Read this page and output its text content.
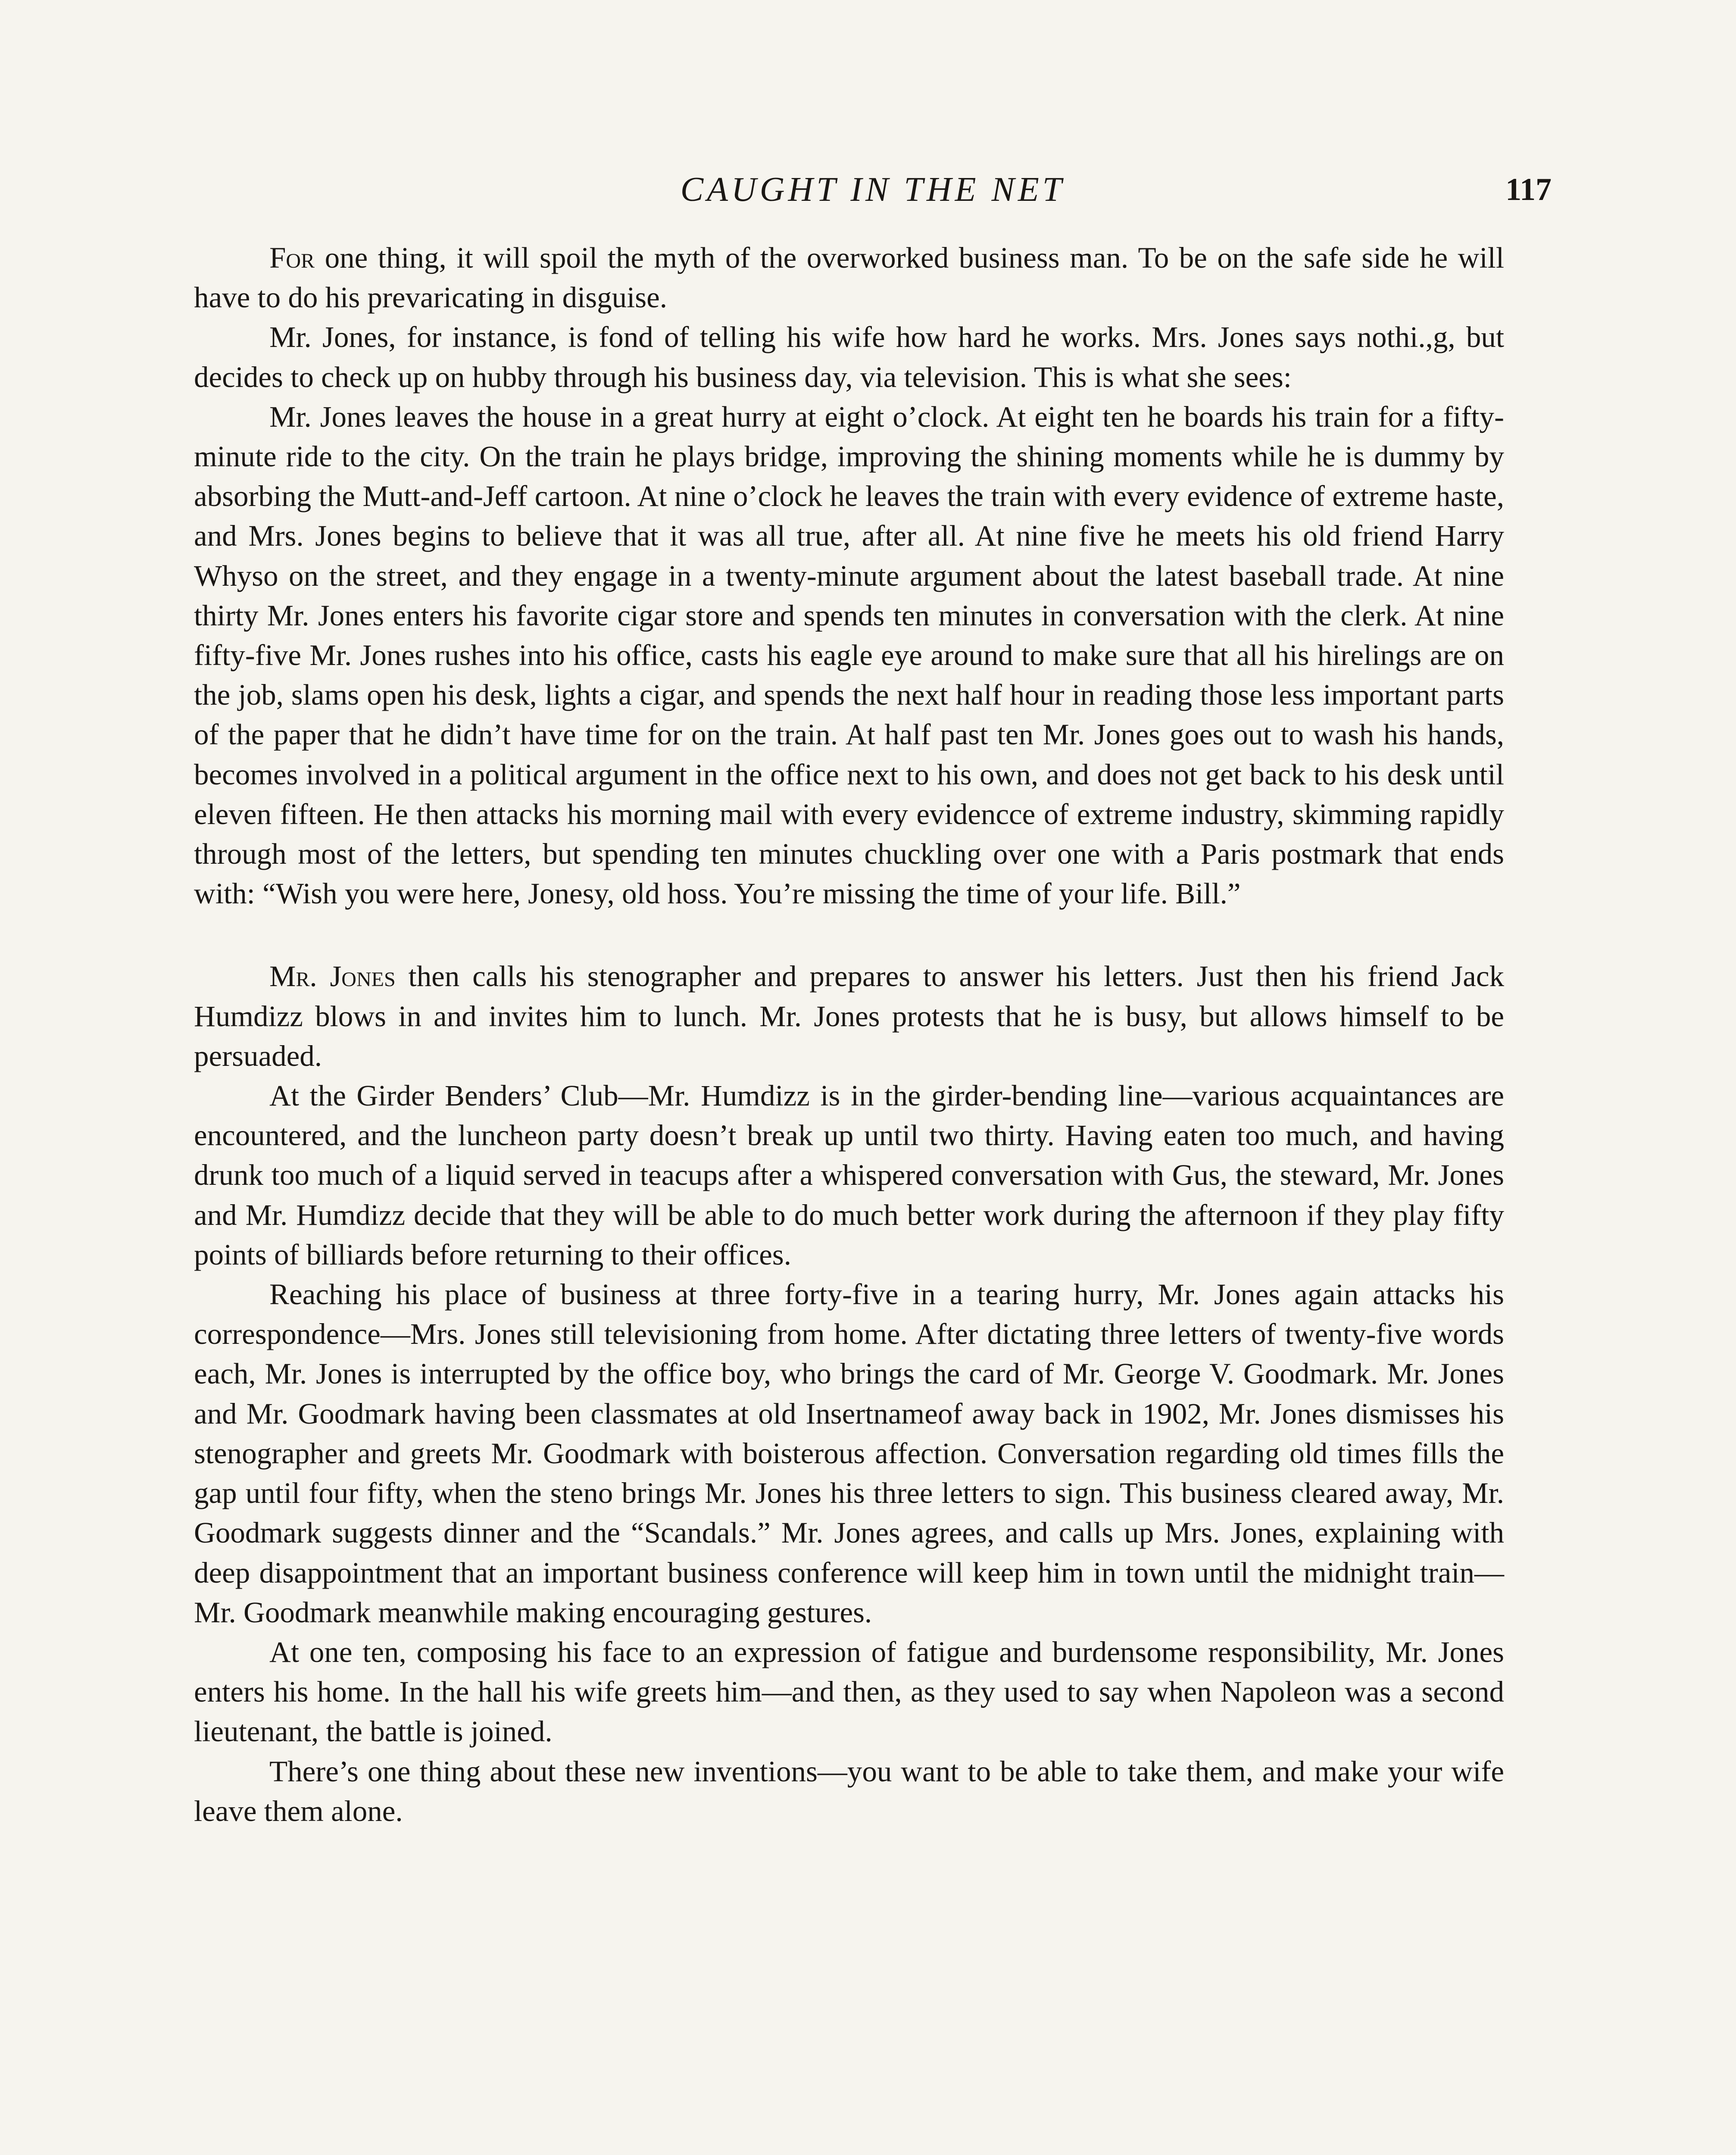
CAUGHT IN THE NET	117

For one thing, it will spoil the myth of the overworked business man. To be on the safe side he will have to do his prevaricating in disguise.

Mr. Jones, for instance, is fond of telling his wife how hard he works. Mrs. Jones says nothi.,g, but decides to check up on hubby through his business day, via television. This is what she sees:

Mr. Jones leaves the house in a great hurry at eight o’clock. At eight ten he boards his train for a fifty-minute ride to the city. On the train he plays bridge, improving the shining moments while he is dummy by absorbing the Mutt-and-Jeff cartoon. At nine o’clock he leaves the train with every evidence of extreme haste, and Mrs. Jones begins to believe that it was all true, after all. At nine five he meets his old friend Harry Whyso on the street, and they engage in a twenty-minute argument about the latest baseball trade. At nine thirty Mr. Jones enters his favorite cigar store and spends ten minutes in conversation with the clerk. At nine fifty-five Mr. Jones rushes into his office, casts his eagle eye around to make sure that all his hirelings are on the job, slams open his desk, lights a cigar, and spends the next half hour in reading those less important parts of the paper that he didn’t have time for on the train. At half past ten Mr. Jones goes out to wash his hands, becomes involved in a political argument in the office next to his own, and does not get back to his desk until eleven fifteen. He then attacks his morning mail with every evidencce of extreme industry, skimming rapidly through most of the letters, but spending ten minutes chuckling over one with a Paris postmark that ends with: “Wish you were here, Jonesy, old hoss. You’re missing the time of your life. Bill.”

Mr. Jones then calls his stenographer and prepares to answer his letters. Just then his friend Jack Humdizz blows in and invites him to lunch. Mr. Jones protests that he is busy, but allows himself to be persuaded.

At the Girder Benders’ Club—Mr. Humdizz is in the girder-bending line—various acquaintances are encountered, and the luncheon party doesn’t break up until two thirty. Having eaten too much, and having drunk too much of a liquid served in teacups after a whispered conversation with Gus, the steward, Mr. Jones and Mr. Humdizz decide that they will be able to do much better work during the afternoon if they play fifty points of billiards before returning to their offices.

Reaching his place of business at three forty-five in a tearing hurry, Mr. Jones again attacks his correspondence—Mrs. Jones still televisioning from home. After dictating three letters of twenty-five words each, Mr. Jones is interrupted by the office boy, who brings the card of Mr. George V. Goodmark. Mr. Jones and Mr. Goodmark having been classmates at old Insertnameof away back in 1902, Mr. Jones dismisses his stenographer and greets Mr. Goodmark with boisterous affection. Conversation regarding old times fills the gap until four fifty, when the steno brings Mr. Jones his three letters to sign. This business cleared away, Mr. Goodmark suggests dinner and the “Scandals.” Mr. Jones agrees, and calls up Mrs. Jones, explaining with deep disappointment that an important business conference will keep him in town until the midnight train—Mr. Goodmark meanwhile making encouraging gestures.

At one ten, composing his face to an expression of fatigue and burdensome responsibility, Mr. Jones enters his home. In the hall his wife greets him—and then, as they used to say when Napoleon was a second lieutenant, the battle is joined.

There’s one thing about these new inventions—you want to be able to take them, and make your wife leave them alone.
